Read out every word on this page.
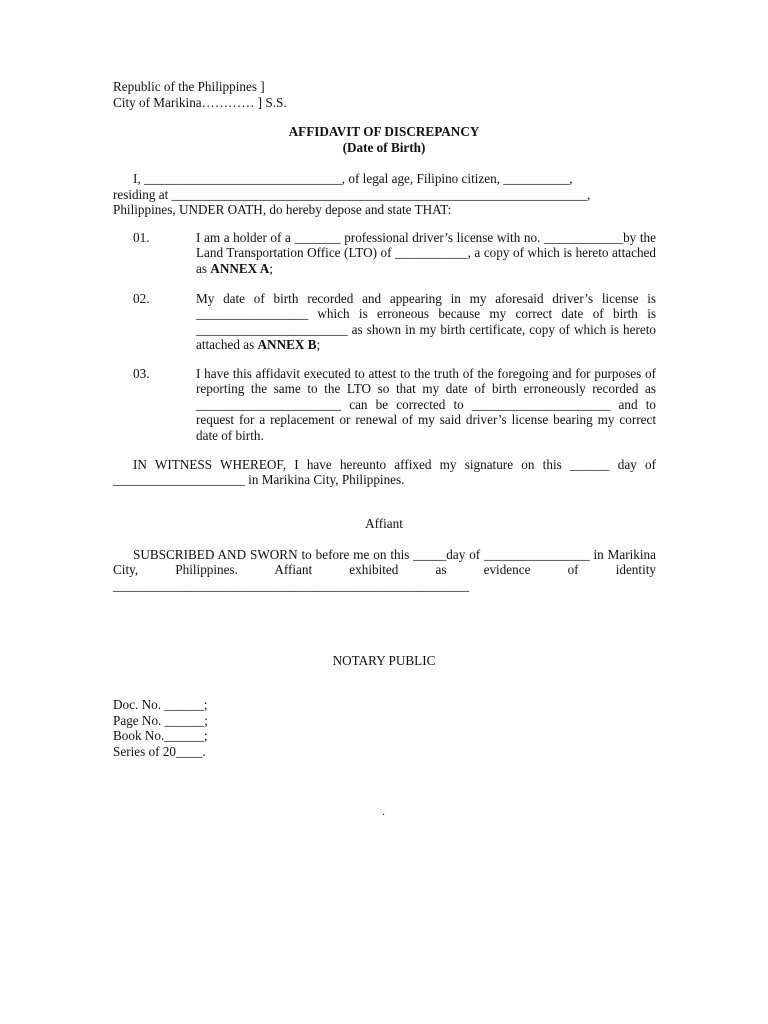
Republic of the Philippines ]
City of Marikina………… ] S.S.
AFFIDAVIT OF DISCREPANCY
(Date of Birth)
I, ______________________________, of legal age, Filipino citizen, __________,
residing at _______________________________________________________________,
Philippines, UNDER OATH, do hereby depose and state THAT:
01.	I am a holder of a _______ professional driver’s license with no. ____________by the Land Transportation Office (LTO) of ___________, a copy of which is hereto attached as ANNEX A;
02.	My date of birth recorded and appearing in my aforesaid driver’s license is _________________ which is erroneous because my correct date of birth is _______________________ as shown in my birth certificate, copy of which is hereto attached as ANNEX B;
03.	I have this affidavit executed to attest to the truth of the foregoing and for purposes of reporting the same to the LTO so that my date of birth erroneously recorded as ______________________ can be corrected to _____________________ and to request for a replacement or renewal of my said driver’s license bearing my correct date of birth.
IN WITNESS WHEREOF, I have hereunto affixed my signature on this ______ day of ____________________ in Marikina City, Philippines.
Affiant
SUBSCRIBED AND SWORN to before me on this _____day of ________________ in Marikina City, Philippines. Affiant exhibited as evidence of identity
______________________________________________________
NOTARY PUBLIC
Doc. No. ______;
Page No. ______;
Book No.______;
Series of 20____.
.
